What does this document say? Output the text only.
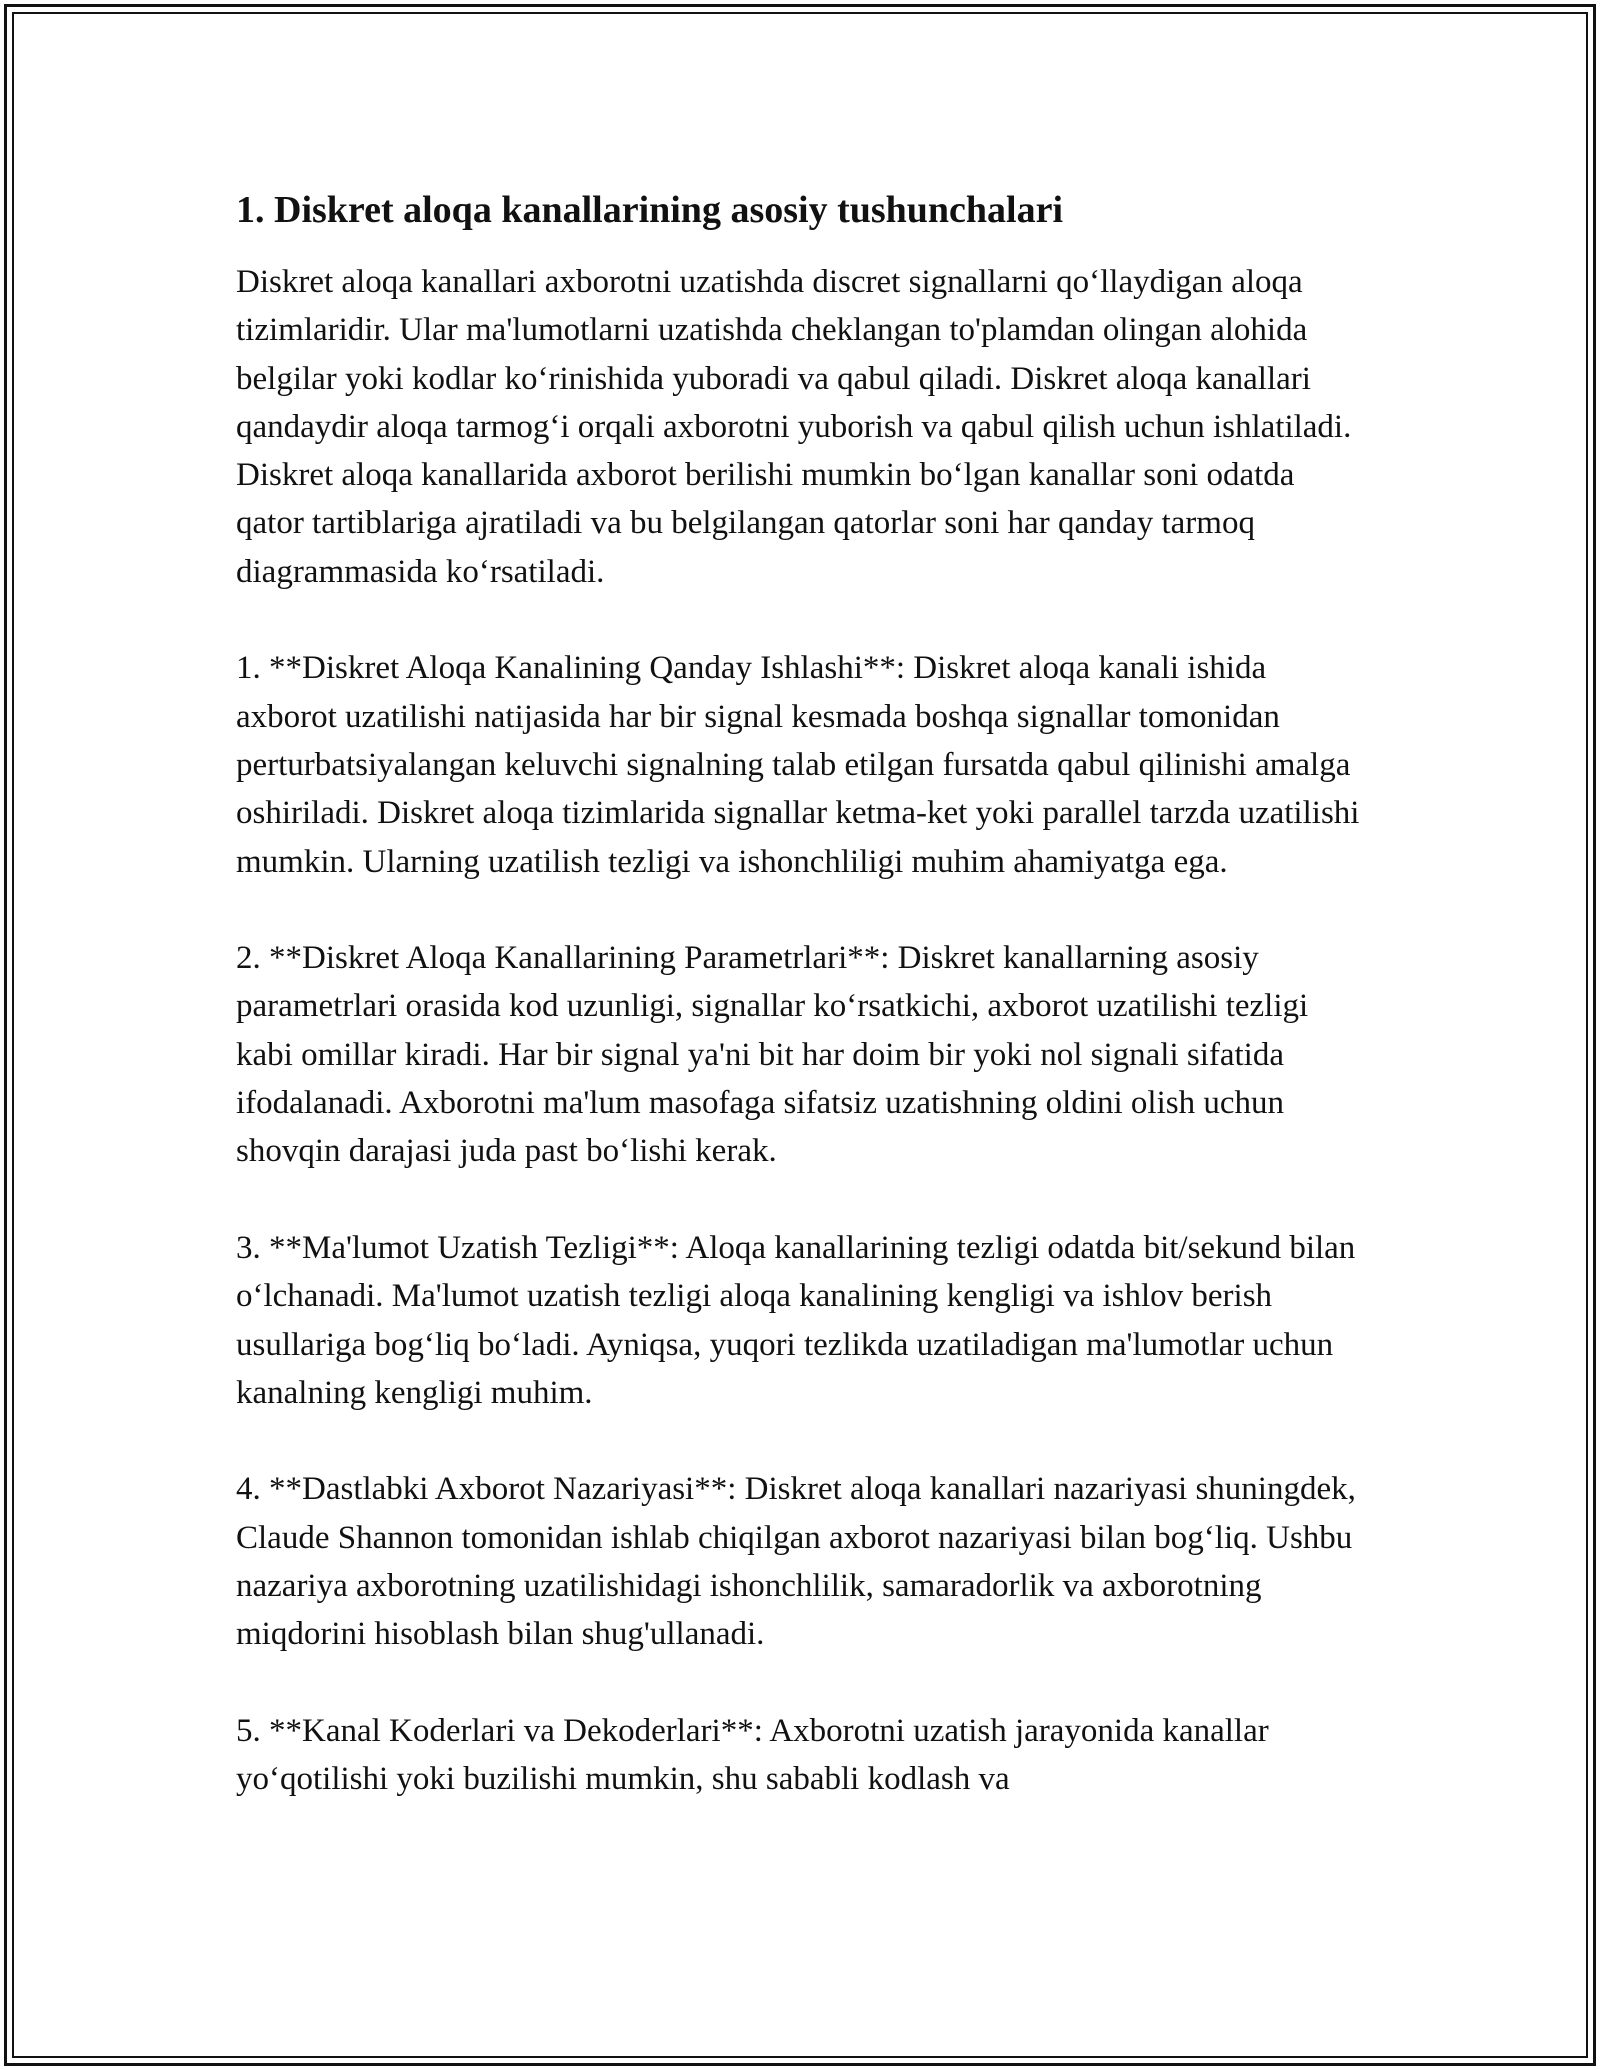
1. Diskret aloqa kanallarining asosiy tushunchalari

Diskret aloqa kanallari axborotni uzatishda discret signallarni qo‘llaydigan aloqa tizimlaridir. Ular ma'lumotlarni uzatishda cheklangan to'plamdan olingan alohida belgilar yoki kodlar ko‘rinishida yuboradi va qabul qiladi. Diskret aloqa kanallari qandaydir aloqa tarmog‘i orqali axborotni yuborish va qabul qilish uchun ishlatiladi. Diskret aloqa kanallarida axborot berilishi mumkin bo‘lgan kanallar soni odatda qator tartiblariga ajratiladi va bu belgilangan qatorlar soni har qanday tarmoq diagrammasida ko‘rsatiladi.

1. **Diskret Aloqa Kanalining Qanday Ishlashi**: Diskret aloqa kanali ishida axborot uzatilishi natijasida har bir signal kesmada boshqa signallar tomonidan perturbatsiyalangan keluvchi signalning talab etilgan fursatda qabul qilinishi amalga oshiriladi. Diskret aloqa tizimlarida signallar ketma-ket yoki parallel tarzda uzatilishi mumkin. Ularning uzatilish tezligi va ishonchliligi muhim ahamiyatga ega.

2. **Diskret Aloqa Kanallarining Parametrlari**: Diskret kanallarning asosiy parametrlari orasida kod uzunligi, signallar ko‘rsatkichi, axborot uzatilishi tezligi kabi omillar kiradi. Har bir signal ya'ni bit har doim bir yoki nol signali sifatida ifodalanadi. Axborotni ma'lum masofaga sifatsiz uzatishning oldini olish uchun shovqin darajasi juda past bo‘lishi kerak.

3. **Ma'lumot Uzatish Tezligi**: Aloqa kanallarining tezligi odatda bit/sekund bilan o‘lchanadi. Ma'lumot uzatish tezligi aloqa kanalining kengligi va ishlov berish usullariga bog‘liq bo‘ladi. Ayniqsa, yuqori tezlikda uzatiladigan ma'lumotlar uchun kanalning kengligi muhim.

4. **Dastlabki Axborot Nazariyasi**: Diskret aloqa kanallari nazariyasi shuningdek, Claude Shannon tomonidan ishlab chiqilgan axborot nazariyasi bilan bog‘liq. Ushbu nazariya axborotning uzatilishidagi ishonchlilik, samaradorlik va axborotning miqdorini hisoblash bilan shug'ullanadi.

5. **Kanal Koderlari va Dekoderlari**: Axborotni uzatish jarayonida kanallar yo‘qotilishi yoki buzilishi mumkin, shu sababli kodlash va
